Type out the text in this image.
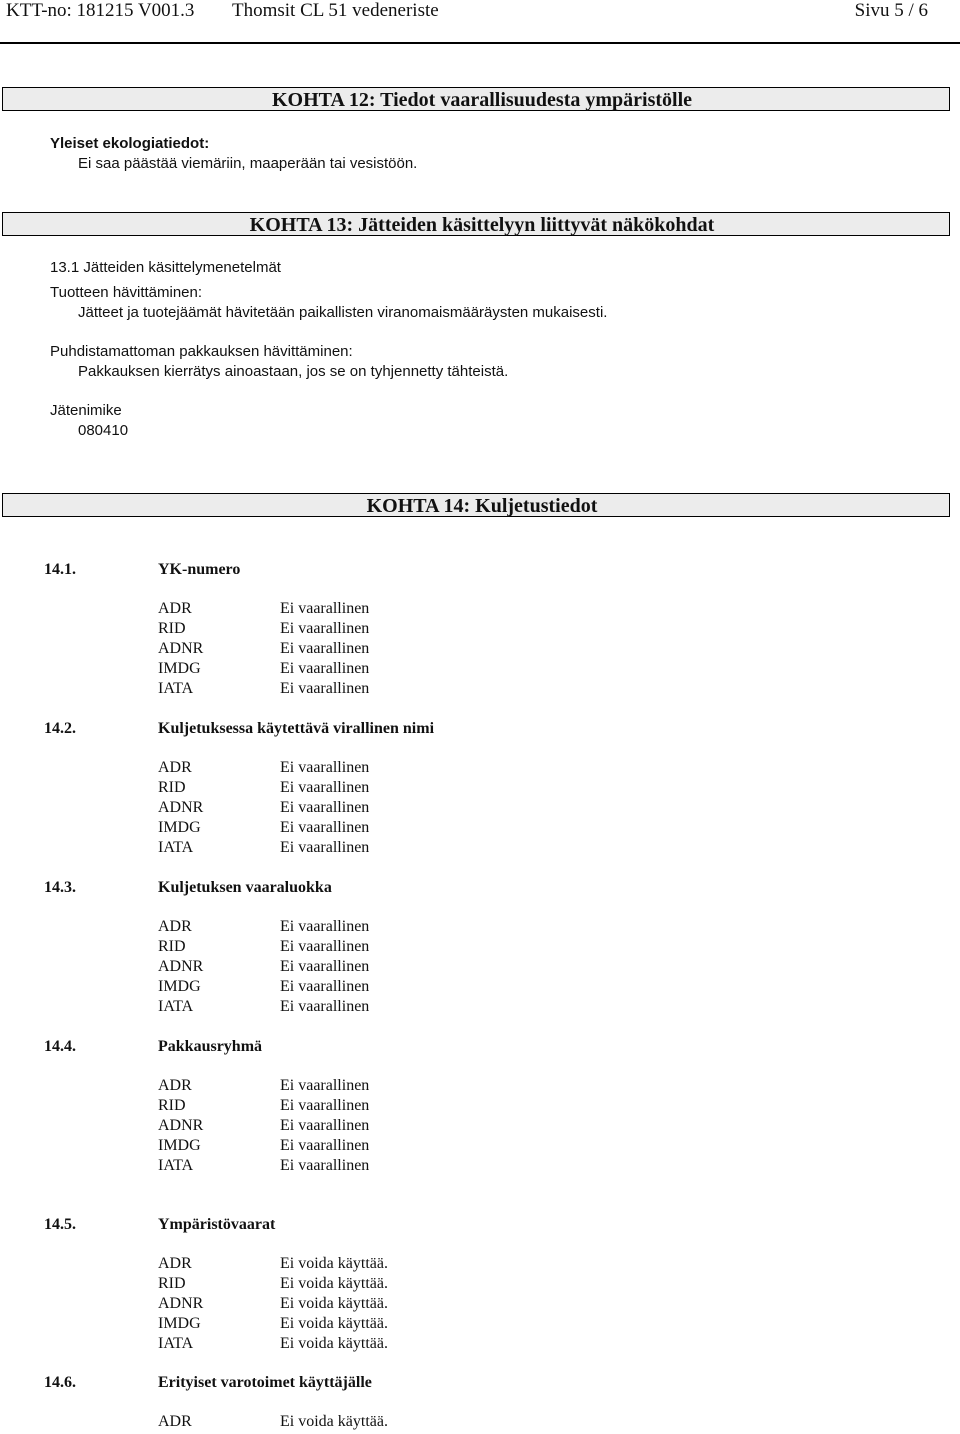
KTT-no: 181215 V001.3 Thomsit CL 51 vedeneriste	Sivu 5 / 6
KOHTA 12: Tiedot vaarallisuudesta ympäristölle
Yleiset ekologiatiedot:
Ei saa päästää viemäriin, maaperään tai vesistöön.
KOHTA 13: Jätteiden käsittelyyn liittyvät näkökohdat
13.1 Jätteiden käsittelymenetelmät
Tuotteen hävittäminen:
Jätteet ja tuotejäämät hävitetään paikallisten viranomaismääräysten mukaisesti.
Puhdistamattoman pakkauksen hävittäminen:
Pakkauksen kierrätys ainoastaan, jos se on tyhjennetty tähteistä.
Jätenimike
080410
KOHTA 14: Kuljetustiedot
14.1.	YK-numero
ADR	Ei vaarallinen
RID	Ei vaarallinen
ADNR	Ei vaarallinen
IMDG	Ei vaarallinen
IATA	Ei vaarallinen
14.2.	Kuljetuksessa käytettävä virallinen nimi
ADR	Ei vaarallinen
RID	Ei vaarallinen
ADNR	Ei vaarallinen
IMDG	Ei vaarallinen
IATA	Ei vaarallinen
14.3.	Kuljetuksen vaaraluokka
ADR	Ei vaarallinen
RID	Ei vaarallinen
ADNR	Ei vaarallinen
IMDG	Ei vaarallinen
IATA	Ei vaarallinen
14.4.	Pakkausryhmä
ADR	Ei vaarallinen
RID	Ei vaarallinen
ADNR	Ei vaarallinen
IMDG	Ei vaarallinen
IATA	Ei vaarallinen
14.5.	Ympäristövaarat
ADR	Ei voida käyttää.
RID	Ei voida käyttää.
ADNR	Ei voida käyttää.
IMDG	Ei voida käyttää.
IATA	Ei voida käyttää.
14.6.	Erityiset varotoimet käyttäjälle
ADR	Ei voida käyttää.
